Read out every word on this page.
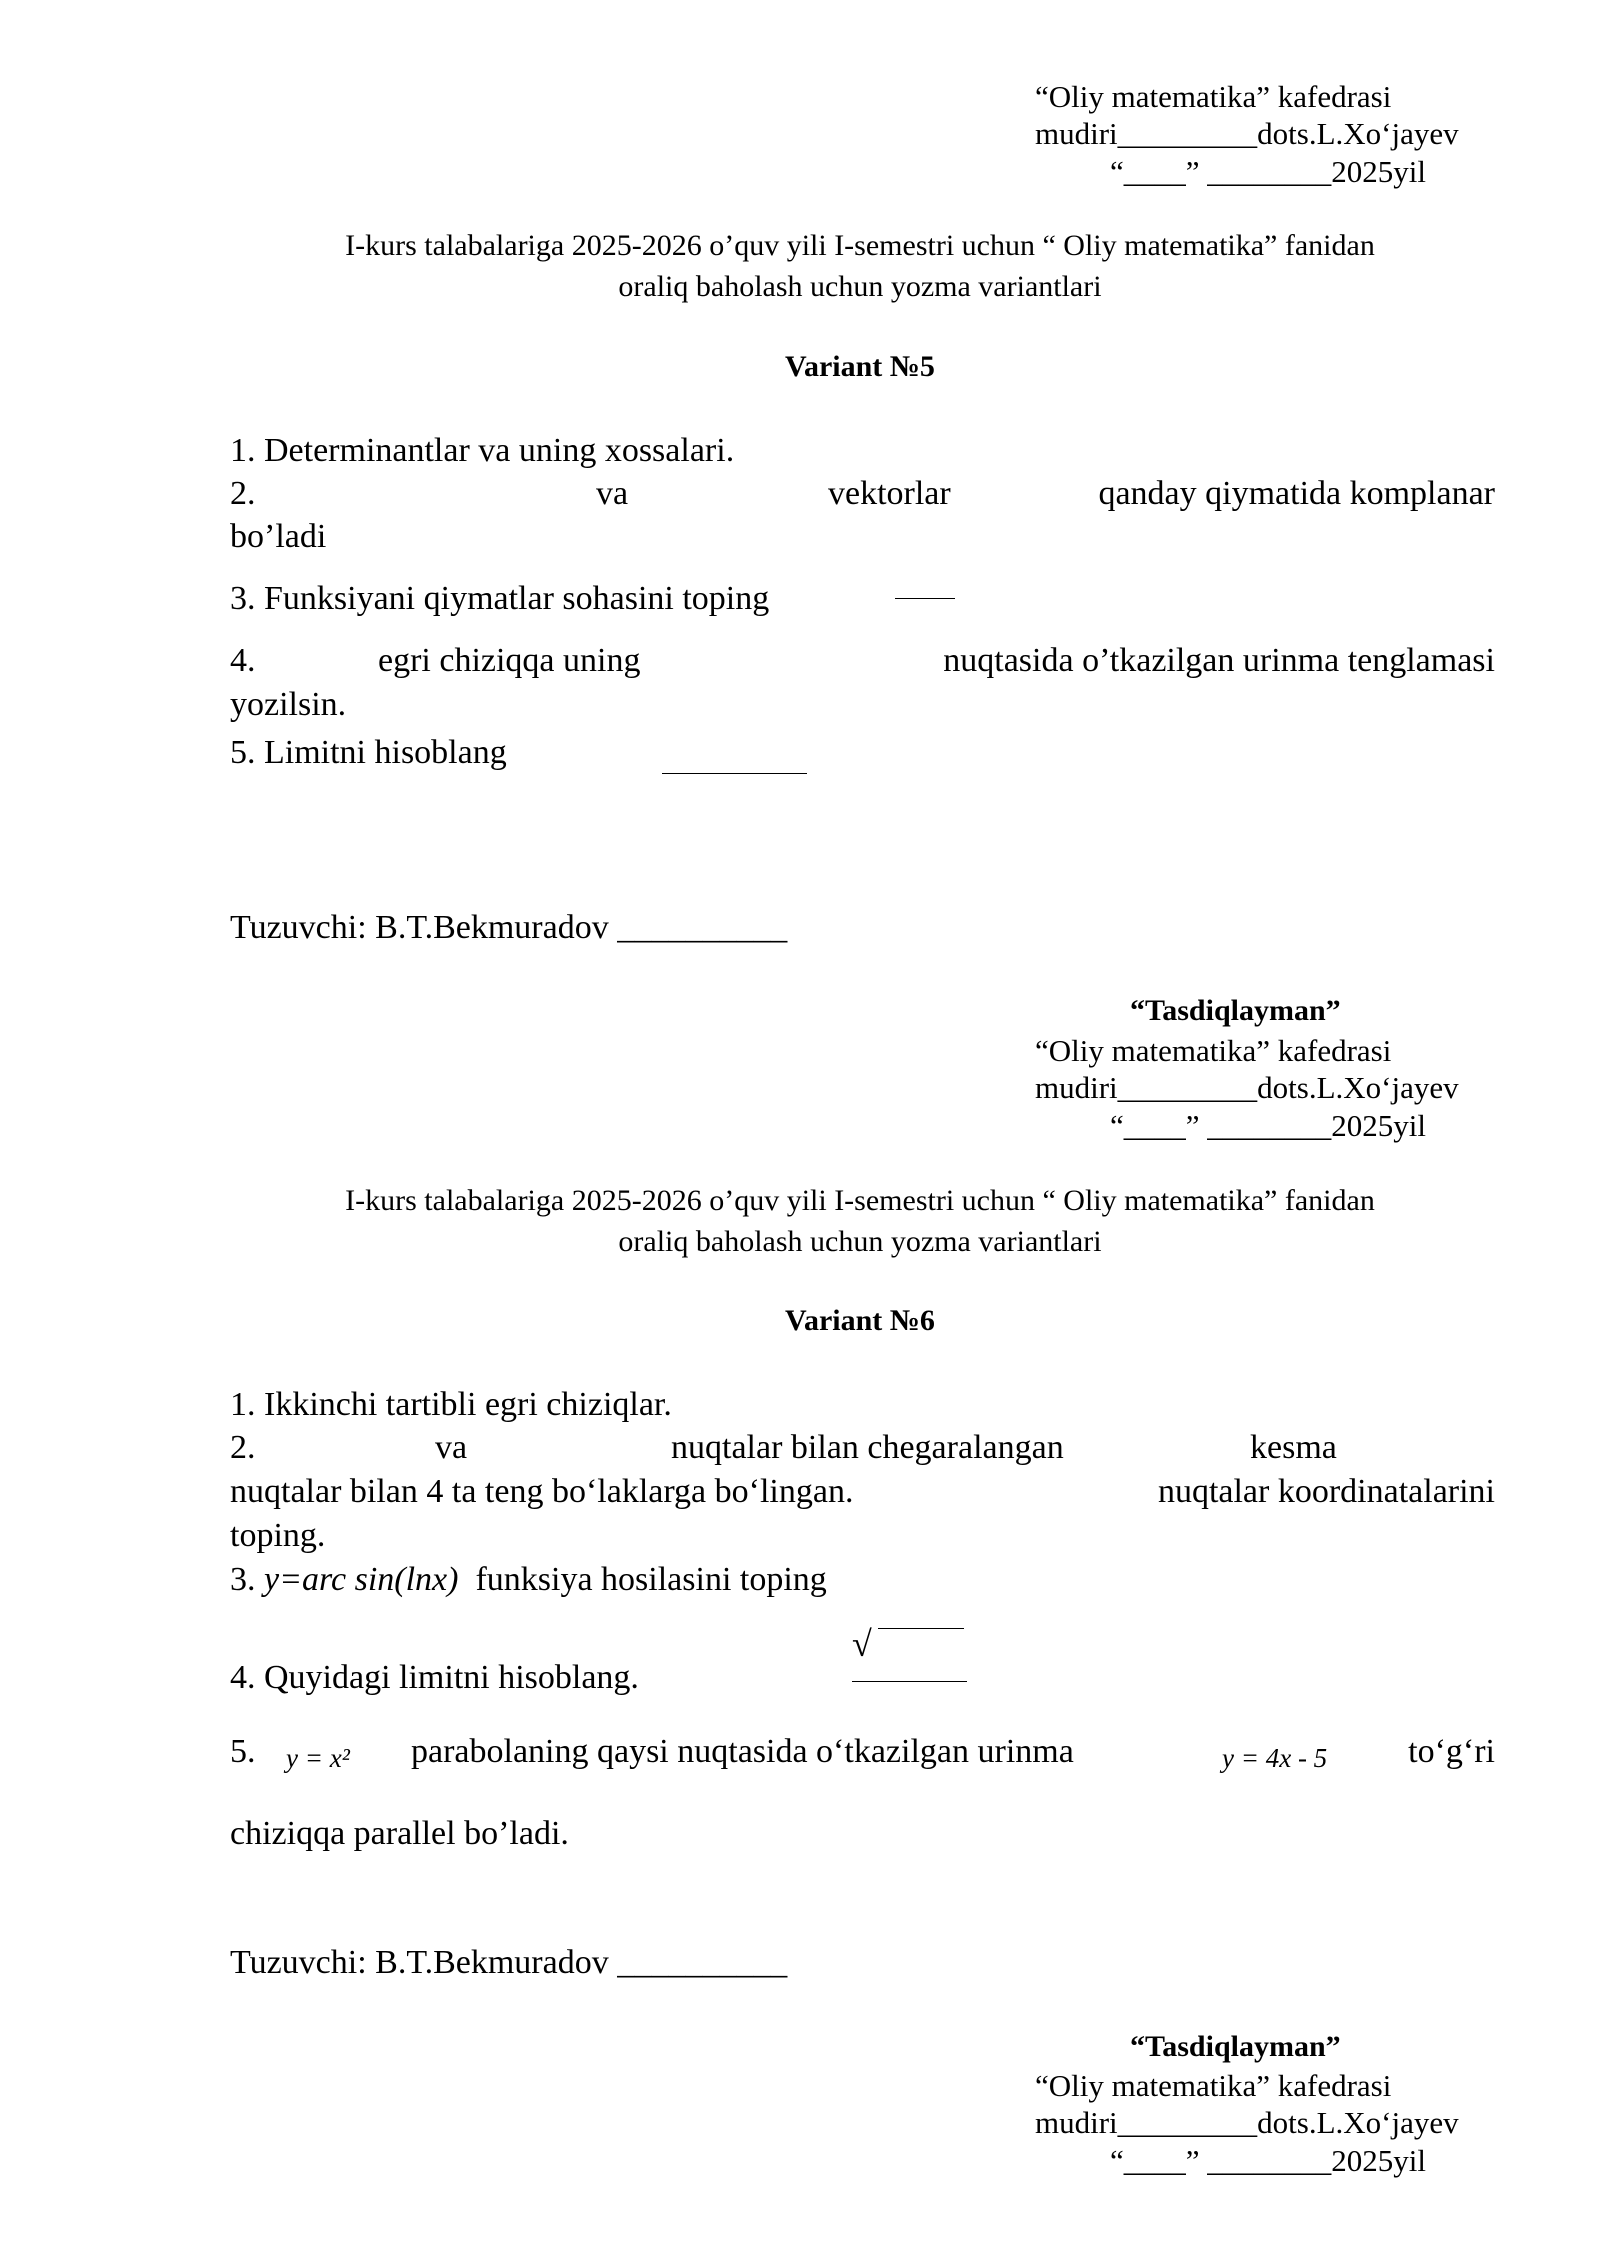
“Oliy matematika” kafedrasi
mudiri_________dots.L.Xo‘jayev
“____” ________2025yil
I-kurs talabalariga 2025-2026 o’quv yili I-semestri uchun “ Oliy matematika” fanidan
oraliq baholash uchun yozma variantlari
Variant №5
1. Determinantlar va uning xossalari.
2.	va	vektorlar	qanday qiymatida komplanar
bo’ladi
3. Funksiyani qiymatlar sohasini toping
4.	egri chiziqqa uning	nuqtasida o’tkazilgan urinma tenglamasi
yozilsin.
5. Limitni hisoblang
Tuzuvchi: B.T.Bekmuradov __________
“Tasdiqlayman”
“Oliy matematika” kafedrasi
mudiri_________dots.L.Xo‘jayev
“____” ________2025yil
I-kurs talabalariga 2025-2026 o’quv yili I-semestri uchun “ Oliy matematika” fanidan
oraliq baholash uchun yozma variantlari
Variant №6
1. Ikkinchi tartibli egri chiziqlar.
2.	va	nuqtalar bilan chegaralangan	kesma
nuqtalar bilan 4 ta teng bo‘laklarga bo‘lingan.	nuqtalar koordinatalarini
toping.
3. y=arc sin(lnx) funksiya hosilasini toping
√
4. Quyidagi limitni hisoblang.
5. y = x² parabolaning qaysi nuqtasida o‘tkazilgan urinma	y = 4x - 5 to‘g‘ri
chiziqqa parallel bo’ladi.
Tuzuvchi: B.T.Bekmuradov __________
“Tasdiqlayman”
“Oliy matematika” kafedrasi
mudiri_________dots.L.Xo‘jayev
“____” ________2025yil
